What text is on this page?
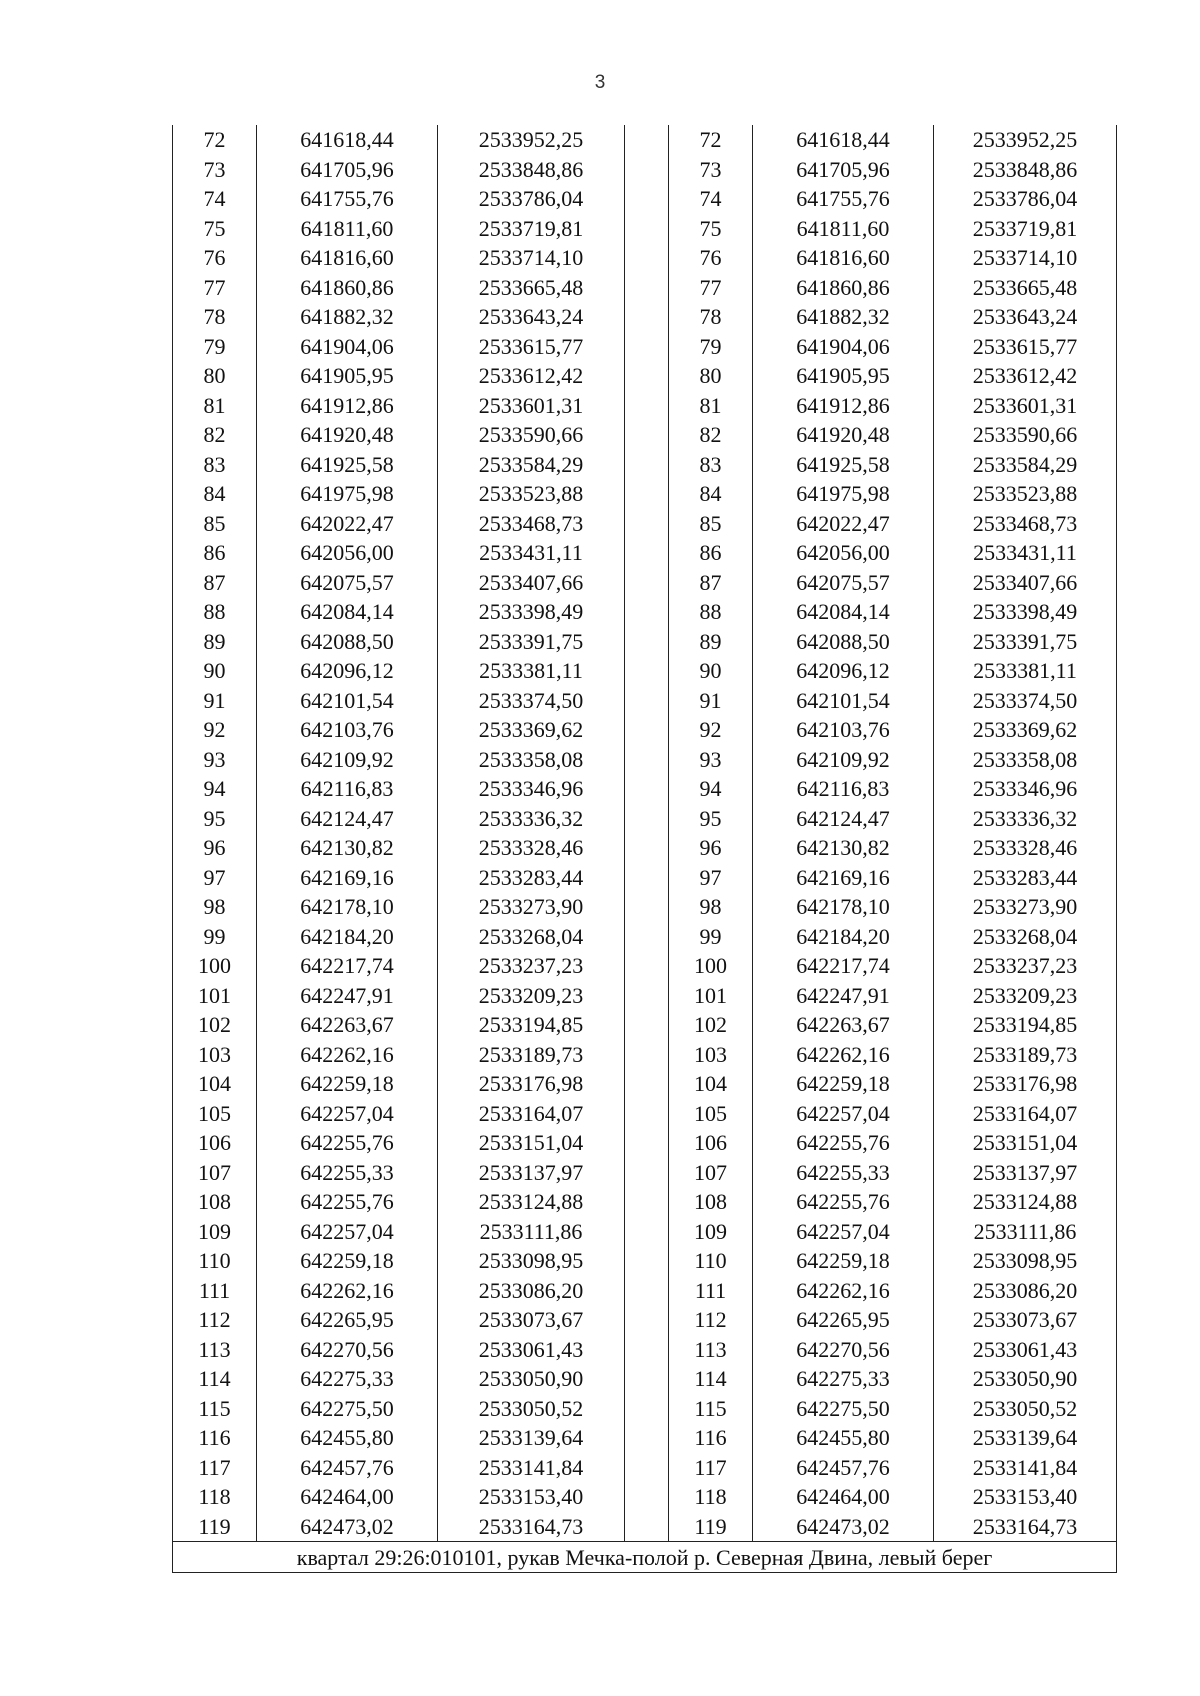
3
72	641618,44	2533952,25		72	641618,44	2533952,25
73	641705,96	2533848,86		73	641705,96	2533848,86
74	641755,76	2533786,04		74	641755,76	2533786,04
75	641811,60	2533719,81		75	641811,60	2533719,81
76	641816,60	2533714,10		76	641816,60	2533714,10
77	641860,86	2533665,48		77	641860,86	2533665,48
78	641882,32	2533643,24		78	641882,32	2533643,24
79	641904,06	2533615,77		79	641904,06	2533615,77
80	641905,95	2533612,42		80	641905,95	2533612,42
81	641912,86	2533601,31		81	641912,86	2533601,31
82	641920,48	2533590,66		82	641920,48	2533590,66
83	641925,58	2533584,29		83	641925,58	2533584,29
84	641975,98	2533523,88		84	641975,98	2533523,88
85	642022,47	2533468,73		85	642022,47	2533468,73
86	642056,00	2533431,11		86	642056,00	2533431,11
87	642075,57	2533407,66		87	642075,57	2533407,66
88	642084,14	2533398,49		88	642084,14	2533398,49
89	642088,50	2533391,75		89	642088,50	2533391,75
90	642096,12	2533381,11		90	642096,12	2533381,11
91	642101,54	2533374,50		91	642101,54	2533374,50
92	642103,76	2533369,62		92	642103,76	2533369,62
93	642109,92	2533358,08		93	642109,92	2533358,08
94	642116,83	2533346,96		94	642116,83	2533346,96
95	642124,47	2533336,32		95	642124,47	2533336,32
96	642130,82	2533328,46		96	642130,82	2533328,46
97	642169,16	2533283,44		97	642169,16	2533283,44
98	642178,10	2533273,90		98	642178,10	2533273,90
99	642184,20	2533268,04		99	642184,20	2533268,04
100	642217,74	2533237,23		100	642217,74	2533237,23
101	642247,91	2533209,23		101	642247,91	2533209,23
102	642263,67	2533194,85		102	642263,67	2533194,85
103	642262,16	2533189,73		103	642262,16	2533189,73
104	642259,18	2533176,98		104	642259,18	2533176,98
105	642257,04	2533164,07		105	642257,04	2533164,07
106	642255,76	2533151,04		106	642255,76	2533151,04
107	642255,33	2533137,97		107	642255,33	2533137,97
108	642255,76	2533124,88		108	642255,76	2533124,88
109	642257,04	2533111,86		109	642257,04	2533111,86
110	642259,18	2533098,95		110	642259,18	2533098,95
111	642262,16	2533086,20		111	642262,16	2533086,20
112	642265,95	2533073,67		112	642265,95	2533073,67
113	642270,56	2533061,43		113	642270,56	2533061,43
114	642275,33	2533050,90		114	642275,33	2533050,90
115	642275,50	2533050,52		115	642275,50	2533050,52
116	642455,80	2533139,64		116	642455,80	2533139,64
117	642457,76	2533141,84		117	642457,76	2533141,84
118	642464,00	2533153,40		118	642464,00	2533153,40
119	642473,02	2533164,73		119	642473,02	2533164,73
квартал 29:26:010101, рукав Мечка-полой р. Северная Двина, левый берег						
